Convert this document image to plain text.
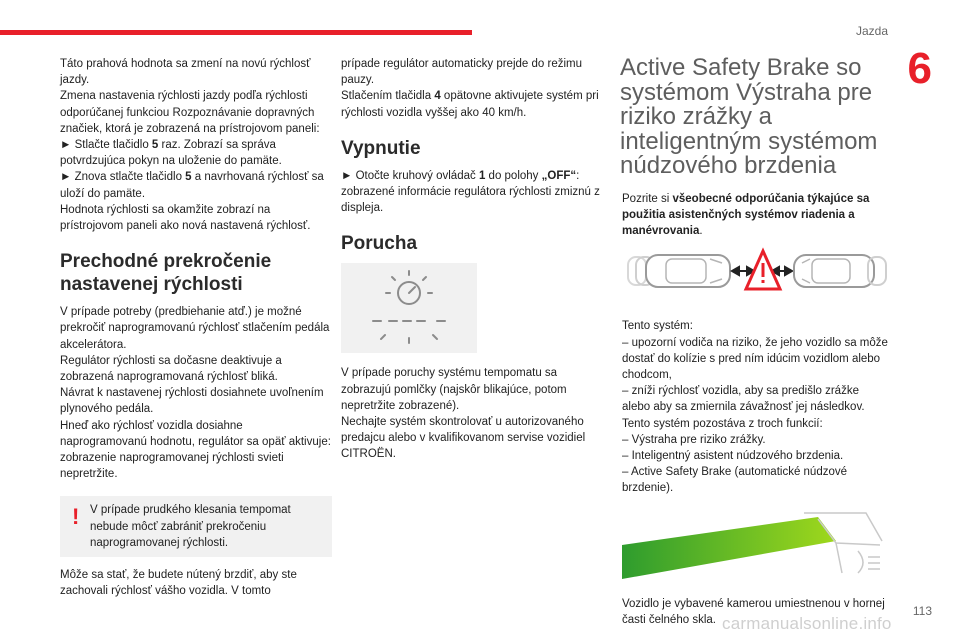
Jazda
6
113
carmanualsonline.info

Táto prahová hodnota sa zmení na novú rýchlosť jazdy.

Zmena nastavenia rýchlosti jazdy podľa rýchlosti odporúčanej funkciou Rozpoznávanie dopravných značiek, ktorá je zobrazená na prístrojovom paneli:

► Stlačte tlačidlo 5 raz. Zobrazí sa správa potvrdzujúca pokyn na uloženie do pamäte.

► Znova stlačte tlačidlo 5 a navrhovaná rýchlosť sa uloží do pamäte.

Hodnota rýchlosti sa okamžite zobrazí na prístrojovom paneli ako nová nastavená rýchlosť.

Prechodné prekročenie nastavenej rýchlosti

V prípade potreby (predbiehanie atď.) je možné prekročiť naprogramovanú rýchlosť stlačením pedála akcelerátora.

Regulátor rýchlosti sa dočasne deaktivuje a zobrazená naprogramovaná rýchlosť bliká.

Návrat k nastavenej rýchlosti dosiahnete uvoľnením plynového pedála.

Hneď ako rýchlosť vozidla dosiahne naprogramovanú hodnotu, regulátor sa opäť aktivuje: zobrazenie naprogramovanej rýchlosti svieti nepretržite.

! V prípade prudkého klesania tempomat nebude môcť zabrániť prekročeniu naprogramovanej rýchlosti.

Môže sa stať, že budete nútený brzdiť, aby ste zachovali rýchlosť vášho vozidla. V tomto

prípade regulátor automaticky prejde do režimu pauzy.

Stlačením tlačidla 4 opätovne aktivujete systém pri rýchlosti vozidla vyššej ako 40 km/h.

Vypnutie

► Otočte kruhový ovládač 1 do polohy „OFF“: zobrazené informácie regulátora rýchlosti zmiznú z displeja.

Porucha

V prípade poruchy systému tempomatu sa zobrazujú pomlčky (najskôr blikajúce, potom nepretržite zobrazené).

Nechajte systém skontrolovať u autorizovaného predajcu alebo v kvalifikovanom servise vozidiel CITROËN.

Active Safety Brake so systémom Výstraha pre riziko zrážky a inteligentným systémom núdzového brzdenia

Pozrite si všeobecné odporúčania týkajúce sa použitia asistenčných systémov riadenia a manévrovania.

Tento systém:

– upozorní vodiča na riziko, že jeho vozidlo sa môže dostať do kolízie s pred ním idúcim vozidlom alebo chodcom,
– zníži rýchlosť vozidla, aby sa predišlo zrážke alebo aby sa zmiernila závažnosť jej následkov.

Tento systém pozostáva z troch funkcií:

– Výstraha pre riziko zrážky.
– Inteligentný asistent núdzového brzdenia.
– Active Safety Brake (automatické núdzové brzdenie).

Vozidlo je vybavené kamerou umiestnenou v hornej časti čelného skla.
